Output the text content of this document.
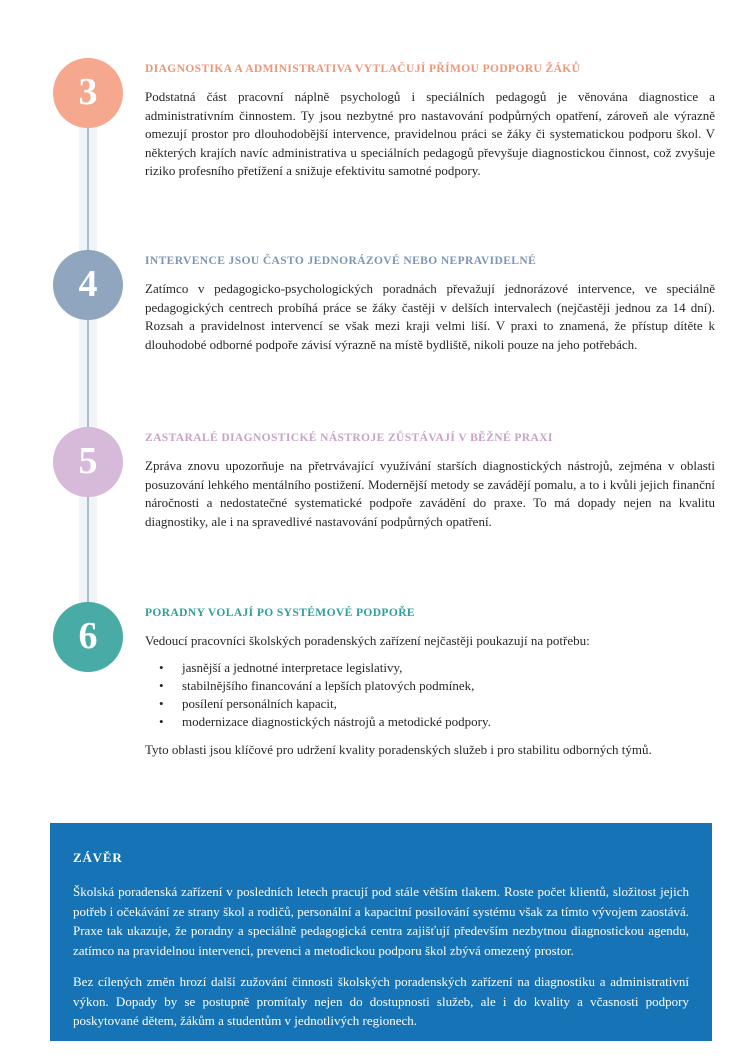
3
DIAGNOSTIKA A ADMINISTRATIVA VYTLAČUJÍ PŘÍMOU PODPORU ŽÁKŮ

Podstatná část pracovní náplně psychologů i speciálních pedagogů je věnována diagnostice a administrativním činnostem. Ty jsou nezbytné pro nastavování podpůrných opatření, zároveň ale výrazně omezují prostor pro dlouhodobější intervence, pravidelnou práci se žáky či systematickou podporu škol. V některých krajích navíc administrativa u speciálních pedagogů převyšuje diagnostickou činnost, což zvyšuje riziko profesního přetížení a snižuje efektivitu samotné podpory.

4
INTERVENCE JSOU ČASTO JEDNORÁZOVÉ NEBO NEPRAVIDELNÉ

Zatímco v pedagogicko-psychologických poradnách převažují jednorázové intervence, ve speciálně pedagogických centrech probíhá práce se žáky častěji v delších intervalech (nejčastěji jednou za 14 dní). Rozsah a pravidelnost intervencí se však mezi kraji velmi liší. V praxi to znamená, že přístup dítěte k dlouhodobé odborné podpoře závisí výrazně na místě bydliště, nikoli pouze na jeho potřebách.

5
ZASTARALÉ DIAGNOSTICKÉ NÁSTROJE ZŮSTÁVAJÍ V BĚŽNÉ PRAXI

Zpráva znovu upozorňuje na přetrvávající využívání starších diagnostických nástrojů, zejména v oblasti posuzování lehkého mentálního postižení. Modernější metody se zavádějí pomalu, a to i kvůli jejich finanční náročnosti a nedostatečné systematické podpoře zavádění do praxe. To má dopady nejen na kvalitu diagnostiky, ale i na spravedlivé nastavování podpůrných opatření.

6
PORADNY VOLAJÍ PO SYSTÉMOVÉ PODPOŘE

Vedoucí pracovníci školských poradenských zařízení nejčastěji poukazují na potřebu:

• jasnější a jednotné interpretace legislativy,
• stabilnějšího financování a lepších platových podmínek,
• posílení personálních kapacit,
• modernizace diagnostických nástrojů a metodické podpory.

Tyto oblasti jsou klíčové pro udržení kvality poradenských služeb i pro stabilitu odborných týmů.

ZÁVĚR

Školská poradenská zařízení v posledních letech pracují pod stále větším tlakem. Roste počet klientů, složitost jejich potřeb i očekávání ze strany škol a rodičů, personální a kapacitní posilování systému však za tímto vývojem zaostává. Praxe tak ukazuje, že poradny a speciálně pedagogická centra zajišťují především nezbytnou diagnostickou agendu, zatímco na pravidelnou intervenci, prevenci a metodickou podporu škol zbývá omezený prostor.

Bez cílených změn hrozí další zužování činnosti školských poradenských zařízení na diagnostiku a administrativní výkon. Dopady by se postupně promítaly nejen do dostupnosti služeb, ale i do kvality a včasnosti podpory poskytované dětem, žákům a studentům v jednotlivých regionech.
